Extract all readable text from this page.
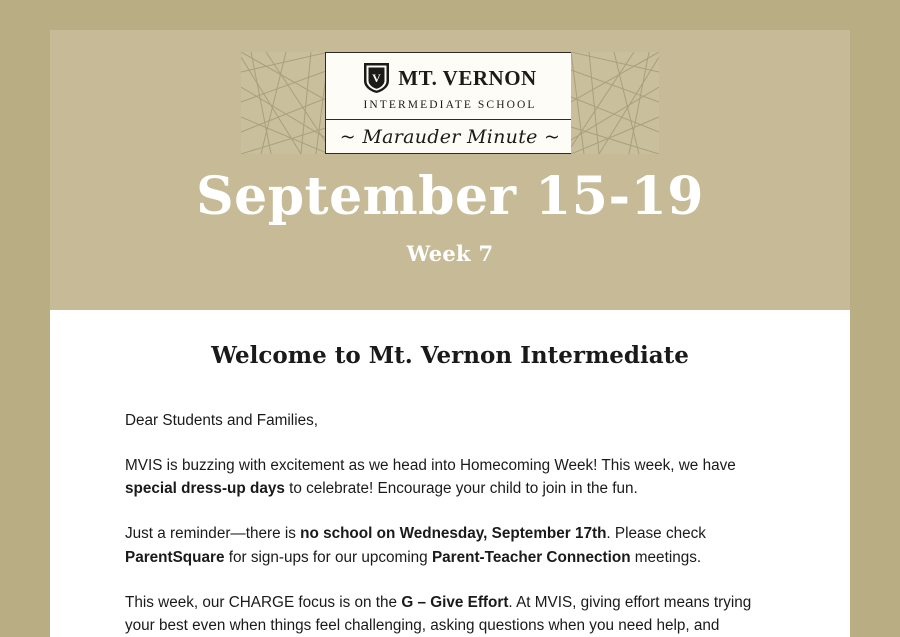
V MT. VERNON
INTERMEDIATE SCHOOL
~ Marauder Minute ~
September 15-19
Week 7
Welcome to Mt. Vernon Intermediate

Dear Students and Families,

MVIS is buzzing with excitement as we head into Homecoming Week! This week, we have special dress-up days to celebrate! Encourage your child to join in the fun.

Just a reminder—there is no school on Wednesday, September 17th. Please check ParentSquare for sign-ups for our upcoming Parent-Teacher Connection meetings.

This week, our CHARGE focus is on the G – Give Effort. At MVIS, giving effort means trying your best even when things feel challenging, asking questions when you need help, and
